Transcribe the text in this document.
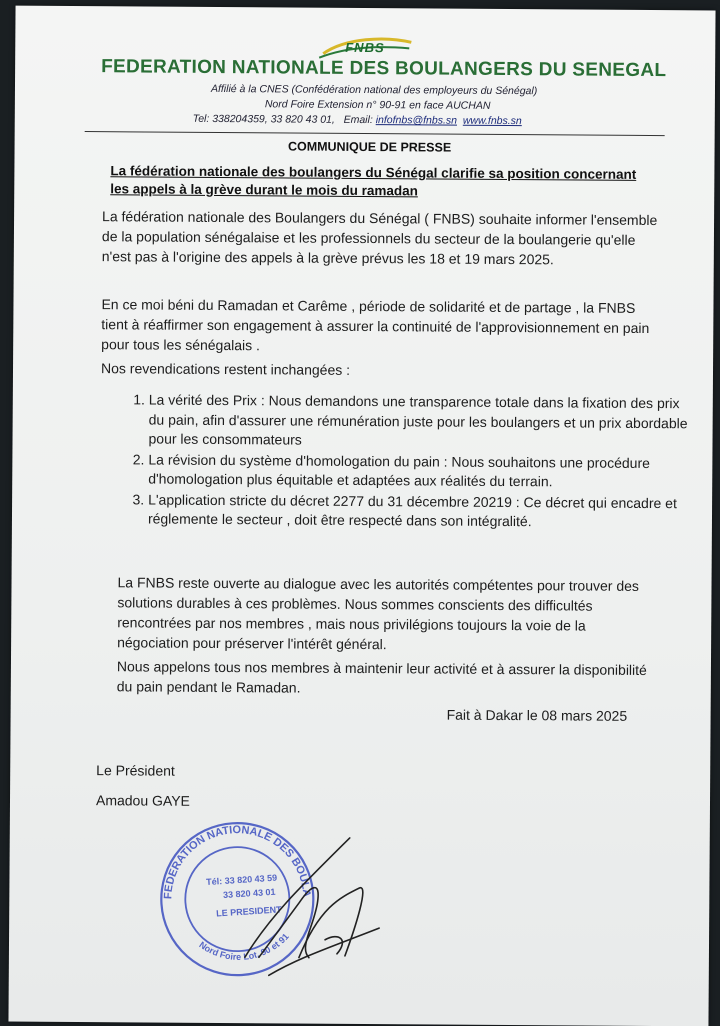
FNBS
FEDERATION NATIONALE DES BOULANGERS DU SENEGAL
Affilié à la CNES (Confédération national des employeurs du Sénégal)
Nord Foire Extension n° 90-91 en face AUCHAN
Tel: 338204359, 33 820 43 01, Email: infofnbs@fnbs.sn www.fnbs.sn
COMMUNIQUE DE PRESSE
La fédération nationale des boulangers du Sénégal clarifie sa position concernant les appels à la grève durant le mois du ramadan
La fédération nationale des Boulangers du Sénégal ( FNBS) souhaite informer l'ensemble de la population sénégalaise et les professionnels du secteur de la boulangerie qu'elle n'est pas à l'origine des appels à la grève prévus les 18 et 19 mars 2025.
En ce moi béni du Ramadan et Carême , période de solidarité et de partage , la FNBS tient à réaffirmer son engagement à assurer la continuité de l'approvisionnement en pain pour tous les sénégalais .
Nos revendications restent inchangées :
1. La vérité des Prix : Nous demandons une transparence totale dans la fixation des prix du pain, afin d'assurer une rémunération juste pour les boulangers et un prix abordable pour les consommateurs
2. La révision du système d'homologation du pain : Nous souhaitons une procédure d'homologation plus équitable et adaptées aux réalités du terrain.
3. L'application stricte du décret 2277 du 31 décembre 20219 : Ce décret qui encadre et réglemente le secteur , doit être respecté dans son intégralité.
La FNBS reste ouverte au dialogue avec les autorités compétentes pour trouver des solutions durables à ces problèmes. Nous sommes conscients des difficultés rencontrées par nos membres , mais nous privilégions toujours la voie de la négociation pour préserver l'intérêt général.
Nous appelons tous nos membres à maintenir leur activité et à assurer la disponibilité du pain pendant le Ramadan.
Fait à Dakar le 08 mars 2025
Le Président
Amadou GAYE
FEDERATION NATIONALE DES BOULANGERS
Nord Foire Lot. 90 et 91
Tél: 33 820 43 59
33 820 43 01
LE PRESIDENT
